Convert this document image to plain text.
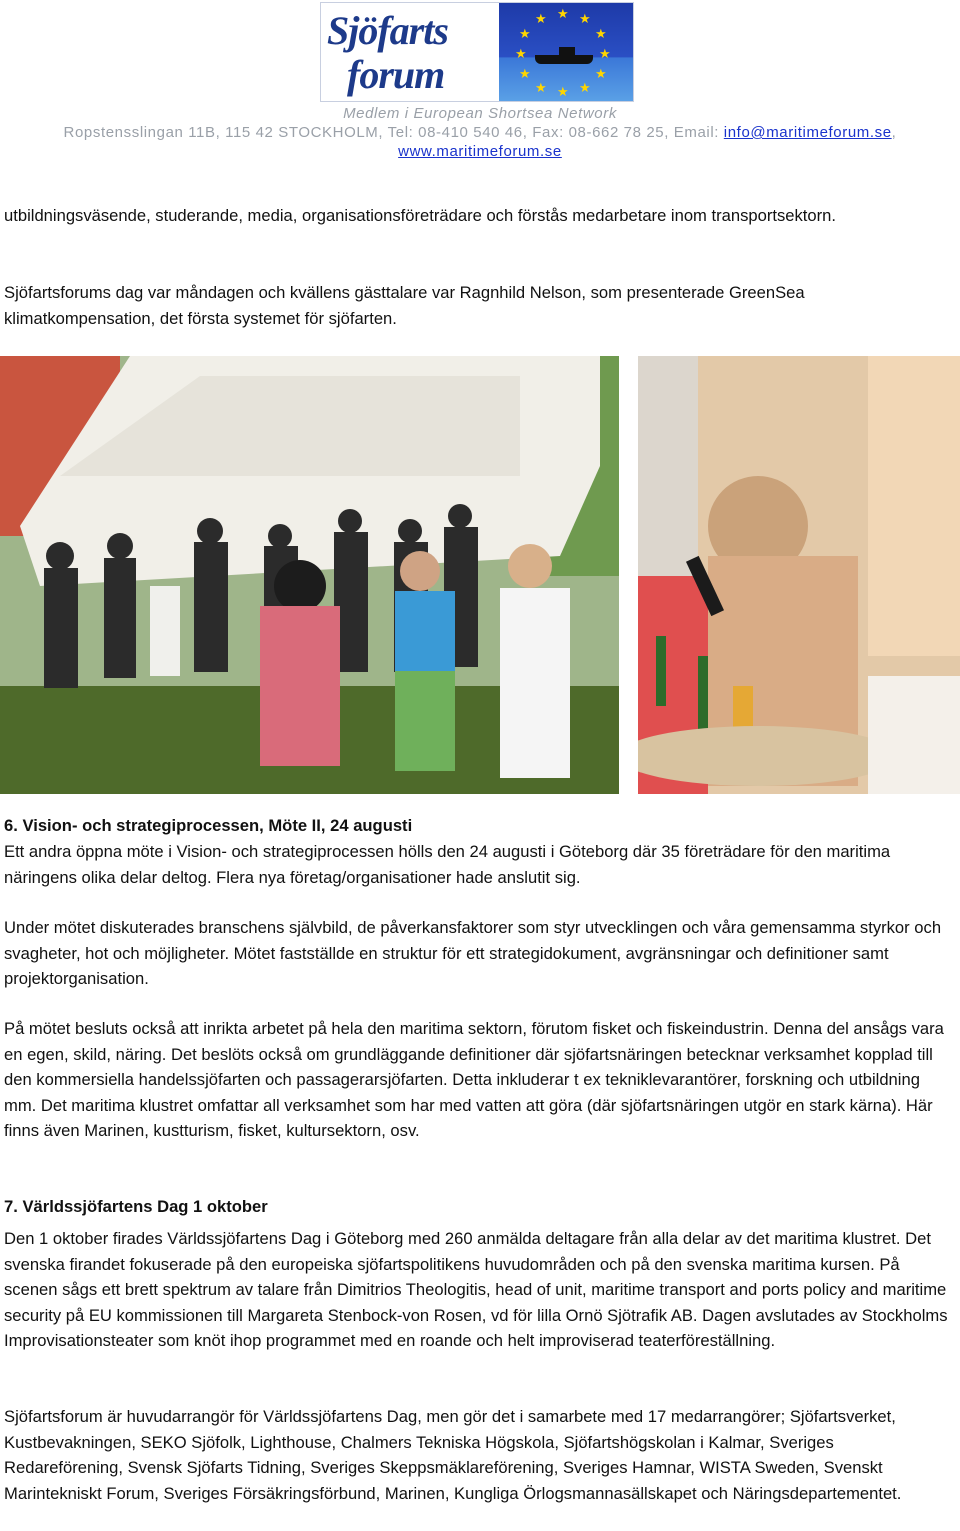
Sjöfarts
forum
★ ★
★
★
★
★
★
★
★
★
★
★
Medlem i European Shortsea Network
Ropstensslingan 11B, 115 42 STOCKHOLM, Tel: 08-410 540 46, Fax: 08-662 78 25, Email: info@maritimeforum.se,
www.maritimeforum.se
utbildningsväsende, studerande, media, organisationsföreträdare och förstås medarbetare inom transportsektorn.
Sjöfartsforums dag var måndagen och kvällens gästtalare var Ragnhild Nelson, som presenterade GreenSea klimatkompensation, det första systemet för sjöfarten.
6. Vision- och strategiprocessen, Möte II, 24 augusti
Ett andra öppna möte i Vision- och strategiprocessen hölls den 24 augusti i Göteborg där 35 företrädare för den maritima näringens olika delar deltog. Flera nya företag/organisationer hade anslutit sig.
Under mötet diskuterades branschens självbild, de påverkansfaktorer som styr utvecklingen och våra gemensamma styrkor och svagheter, hot och möjligheter. Mötet fastställde en struktur för ett strategidokument, avgränsningar och definitioner samt projektorganisation.
På mötet besluts också att inrikta arbetet på hela den maritima sektorn, förutom fisket och fiskeindustrin. Denna del ansågs vara en egen, skild, näring. Det beslöts också om grundläggande definitioner där sjöfartsnäringen betecknar verksamhet kopplad till den kommersiella handelssjöfarten och passagerarsjöfarten. Detta inkluderar t ex tekniklevarantörer, forskning och utbildning mm. Det maritima klustret omfattar all verksamhet som har med vatten att göra (där sjöfartsnäringen utgör en stark kärna). Här finns även Marinen, kustturism, fisket, kultursektorn, osv.
7. Världssjöfartens Dag 1 oktober
Den 1 oktober firades Världssjöfartens Dag i Göteborg med 260 anmälda deltagare från alla delar av det maritima klustret. Det svenska firandet fokuserade på den europeiska sjöfartspolitikens huvudområden och på den svenska maritima kursen. På scenen sågs ett brett spektrum av talare från Dimitrios Theologitis, head of unit, maritime transport and ports policy and maritime security på EU kommissionen till Margareta Stenbock-von Rosen, vd för lilla Ornö Sjötrafik AB. Dagen avslutades av Stockholms Improvisationsteater som knöt ihop programmet med en roande och helt improviserad teaterföreställning.
Sjöfartsforum är huvudarrangör för Världssjöfartens Dag, men gör det i samarbete med 17 medarrangörer; Sjöfartsverket, Kustbevakningen, SEKO Sjöfolk, Lighthouse, Chalmers Tekniska Högskola, Sjöfartshögskolan i Kalmar, Sveriges Redareförening, Svensk Sjöfarts Tidning, Sveriges Skeppsmäklareförening, Sveriges Hamnar, WISTA Sweden, Svenskt Marintekniskt Forum, Sveriges Försäkringsförbund, Marinen, Kungliga Örlogsmannasällskapet och Näringsdepartementet.
